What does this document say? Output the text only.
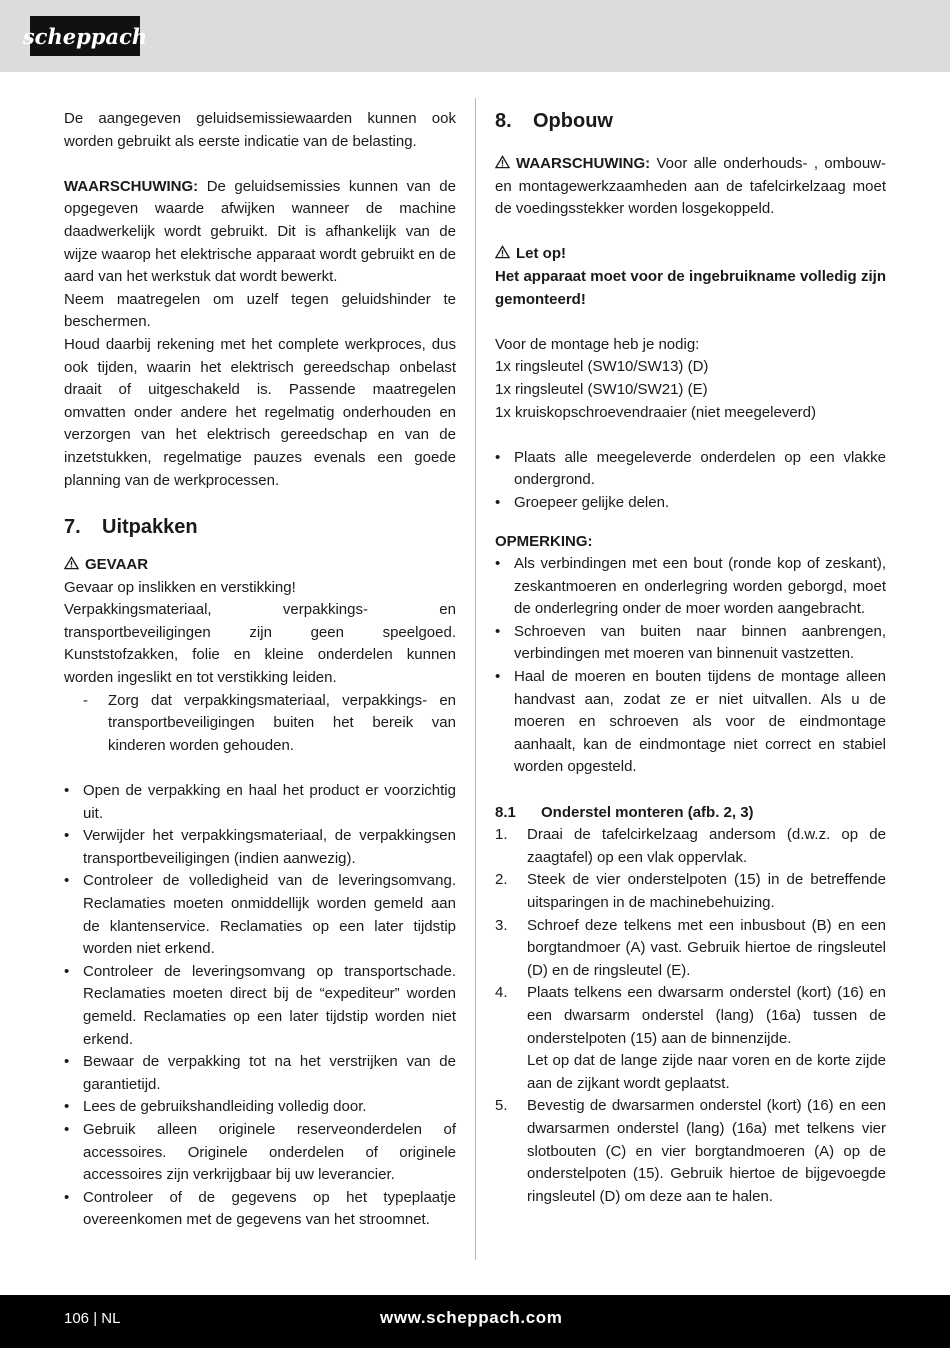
scheppach

De aangegeven geluidsemissiewaarden kunnen ook worden gebruikt als eerste indicatie van de belasting.

WAARSCHUWING: De geluidsemissies kunnen van de opgegeven waarde afwijken wanneer de machine daadwerkelijk wordt gebruikt. Dit is afhankelijk van de wijze waarop het elektrische apparaat wordt gebruikt en de aard van het werkstuk dat wordt bewerkt.

Neem maatregelen om uzelf tegen geluidshinder te beschermen.

Houd daarbij rekening met het complete werkproces, dus ook tijden, waarin het elektrisch gereedschap onbelast draait of uitgeschakeld is. Passende maatregelen omvatten onder andere het regelmatig onderhouden en verzorgen van het elektrisch gereedschap en van de inzetstukken, regelmatige pauzes evenals een goede planning van de werkprocessen.

7.	Uitpakken

GEVAAR

Gevaar op inslikken en verstikking!

Verpakkingsmateriaal, verpakkings- en transportbeveiligingen zijn geen speelgoed. Kunststofzakken, folie en kleine onderdelen kunnen worden ingeslikt en tot verstikking leiden.

- Zorg dat verpakkingsmateriaal, verpakkings- en transportbeveiligingen buiten het bereik van kinderen worden gehouden.
• Open de verpakking en haal het product er voorzichtig uit.
• Verwijder het verpakkingsmateriaal, de verpakkingsen transportbeveiligingen (indien aanwezig).
• Controleer de volledigheid van de leveringsomvang. Reclamaties moeten onmiddellijk worden gemeld aan de klantenservice. Reclamaties op een later tijdstip worden niet erkend.
• Controleer de leveringsomvang op transportschade. Reclamaties moeten direct bij de “expediteur” worden gemeld. Reclamaties op een later tijdstip worden niet erkend.
• Bewaar de verpakking tot na het verstrijken van de garantietijd.
• Lees de gebruikshandleiding volledig door.
• Gebruik alleen originele reserveonderdelen of accessoires. Originele onderdelen of originele accessoires zijn verkrijgbaar bij uw leverancier.
• Controleer of de gegevens op het typeplaatje overeenkomen met de gegevens van het stroomnet.
8.	Opbouw

WAARSCHUWING: Voor alle onderhouds- , ombouw- en montagewerkzaamheden aan de tafelcirkelzaag moet de voedingsstekker worden losgekoppeld.

Let op!

Het apparaat moet voor de ingebruikname volledig zijn gemonteerd!

Voor de montage heb je nodig:

1x ringsleutel (SW10/SW13) (D)

1x ringsleutel (SW10/SW21) (E)

1x kruiskopschroevendraaier (niet meegeleverd)

• Plaats alle meegeleverde onderdelen op een vlakke ondergrond.
• Groepeer gelijke delen.

OPMERKING:

• Als verbindingen met een bout (ronde kop of zeskant), zeskantmoeren en onderlegring worden geborgd, moet de onderlegring onder de moer worden aangebracht.
• Schroeven van buiten naar binnen aanbrengen, verbindingen met moeren van binnenuit vastzetten.
• Haal de moeren en bouten tijdens de montage alleen handvast aan, zodat ze er niet uitvallen. Als u de moeren en schroeven als voor de eindmontage aanhaalt, kan de eindmontage niet correct en stabiel worden opgesteld.
8.1	Onderstel monteren (afb. 2, 3)
1. Draai de tafelcirkelzaag andersom (d.w.z. op de zaagtafel) op een vlak oppervlak.
2. Steek de vier onderstelpoten (15) in de betreffende uitsparingen in de machinebehuizing.
3. Schroef deze telkens met een inbusbout (B) en een borgtandmoer (A) vast. Gebruik hiertoe de ringsleutel (D) en de ringsleutel (E).
4. Plaats telkens een dwarsarm onderstel (kort) (16) en een dwarsarm onderstel (lang) (16a) tussen de onderstelpoten (15) aan de binnenzijde.
Let op dat de lange zijde naar voren en de korte zijde aan de zijkant wordt geplaatst.
5. Bevestig de dwarsarmen onderstel (kort) (16) en een dwarsarmen onderstel (lang) (16a) met telkens vier slotbouten (C) en vier borgtandmoeren (A) op de onderstelpoten (15). Gebruik hiertoe de bijgevoegde ringsleutel (D) om deze aan te halen.
106 | NL	www.scheppach.com
